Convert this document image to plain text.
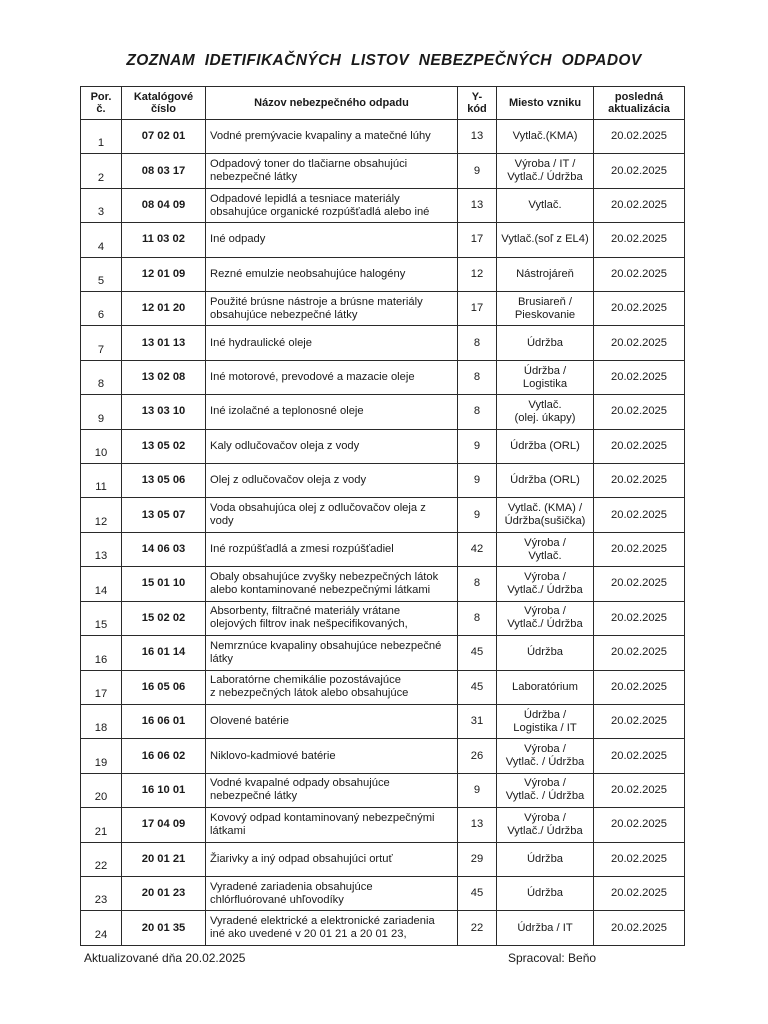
ZOZNAM IDETIFIKAČNÝCH LISTOV NEBEZPEČNÝCH ODPADOV
Por.
č.	Katalógové
číslo	Názov nebezpečného odpadu	Y-
kód	Miesto vzniku	posledná
aktualizácia
1	07 02 01	Vodné premývacie kvapaliny a matečné lúhy	13	Vytlač.(KMA)	20.02.2025
2	08 03 17	Odpadový toner do tlačiarne obsahujúci
nebezpečné látky	9	Výroba / IT /
Vytlač./ Údržba	20.02.2025
3	08 04 09	Odpadové lepidlá a tesniace materiály
obsahujúce organické rozpúšťadlá alebo iné	13	Vytlač.	20.02.2025
4	11 03 02	Iné odpady	17	Vytlač.(soľ z EL4)	20.02.2025
5	12 01 09	Rezné emulzie neobsahujúce halogény	12	Nástrojáreň	20.02.2025
6	12 01 20	Použité brúsne nástroje a brúsne materiály
obsahujúce nebezpečné látky	17	Brusiareň /
Pieskovanie	20.02.2025
7	13 01 13	Iné hydraulické oleje	8	Údržba	20.02.2025
8	13 02 08	Iné motorové, prevodové a mazacie oleje	8	Údržba /
Logistika	20.02.2025
9	13 03 10	Iné izolačné a teplonosné oleje	8	Vytlač.
(olej. úkapy)	20.02.2025
10	13 05 02	Kaly odlučovačov oleja z vody	9	Údržba (ORL)	20.02.2025
11	13 05 06	Olej z odlučovačov oleja z vody	9	Údržba (ORL)	20.02.2025
12	13 05 07	Voda obsahujúca olej z odlučovačov oleja z
vody	9	Vytlač. (KMA) /
Údržba(sušička)	20.02.2025
13	14 06 03	Iné rozpúšťadlá a zmesi rozpúšťadiel	42	Výroba /
Vytlač.	20.02.2025
14	15 01 10	Obaly obsahujúce zvyšky nebezpečných látok
alebo kontaminované nebezpečnými látkami	8	Výroba /
Vytlač./ Údržba	20.02.2025
15	15 02 02	Absorbenty, filtračné materiály vrátane
olejových filtrov inak nešpecifikovaných,	8	Výroba /
Vytlač./ Údržba	20.02.2025
16	16 01 14	Nemrznúce kvapaliny obsahujúce nebezpečné
látky	45	Údržba	20.02.2025
17	16 05 06	Laboratórne chemikálie pozostávajúce
z nebezpečných látok alebo obsahujúce	45	Laboratórium	20.02.2025
18	16 06 01	Olovené batérie	31	Údržba /
Logistika / IT	20.02.2025
19	16 06 02	Niklovo-kadmiové batérie	26	Výroba /
Vytlač. / Údržba	20.02.2025
20	16 10 01	Vodné kvapalné odpady obsahujúce
nebezpečné látky	9	Výroba /
Vytlač. / Údržba	20.02.2025
21	17 04 09	Kovový odpad kontaminovaný nebezpečnými
látkami	13	Výroba /
Vytlač./ Údržba	20.02.2025
22	20 01 21	Žiarivky a iný odpad obsahujúci ortuť	29	Údržba	20.02.2025
23	20 01 23	Vyradené zariadenia obsahujúce
chlórfluórované uhľovodíky	45	Údržba	20.02.2025
24	20 01 35	Vyradené elektrické a elektronické zariadenia
iné ako uvedené v 20 01 21 a 20 01 23,	22	Údržba / IT	20.02.2025
Aktualizované dňa 20.02.2025	Spracoval: Beňo
